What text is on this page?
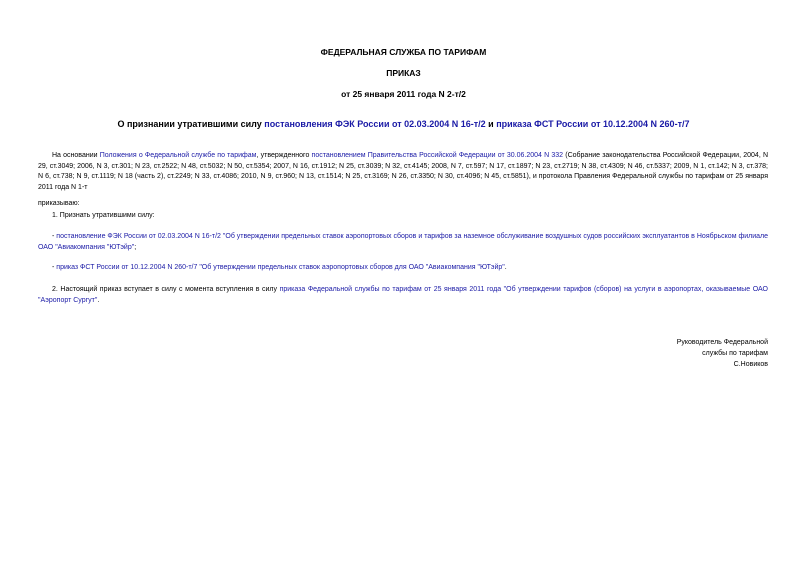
ФЕДЕРАЛЬНАЯ СЛУЖБА ПО ТАРИФАМ
ПРИКАЗ
от 25 января 2011 года N 2-т/2
О признании утратившими силу постановления ФЭК России от 02.03.2004 N 16-т/2 и приказа ФСТ России от 10.12.2004 N 260-т/7
На основании Положения о Федеральной службе по тарифам, утвержденного постановлением Правительства Российской Федерации от 30.06.2004 N 332 (Собрание законодательства Российской Федерации, 2004, N 29, ст.3049; 2006, N 3, ст.301; N 23, ст.2522; N 48, ст.5032; N 50, ст.5354; 2007, N 16, ст.1912; N 25, ст.3039; N 32, ст.4145; 2008, N 7, ст.597; N 17, ст.1897; N 23, ст.2719; N 38, ст.4309; N 46, ст.5337; 2009, N 1, ст.142; N 3, ст.378; N 6, ст.738; N 9, ст.1119; N 18 (часть 2), ст.2249; N 33, ст.4086; 2010, N 9, ст.960; N 13, ст.1514; N 25, ст.3169; N 26, ст.3350; N 30, ст.4096; N 45, ст.5851), и протокола Правления Федеральной службы по тарифам от 25 января 2011 года N 1-т
приказываю:
1. Признать утратившими силу:
- постановление ФЭК России от 02.03.2004 N 16-т/2 "Об утверждении предельных ставок аэропортовых сборов и тарифов за наземное обслуживание воздушных судов российских эксплуатантов в Ноябрьском филиале ОАО "Авиакомпания "ЮТэйр";
- приказ ФСТ России от 10.12.2004 N 260-т/7 "Об утверждении предельных ставок аэропортовых сборов для ОАО "Авиакомпания "ЮТэйр".
2. Настоящий приказ вступает в силу с момента вступления в силу приказа Федеральной службы по тарифам от 25 января 2011 года "Об утверждении тарифов (сборов) на услуги в аэропортах, оказываемые ОАО "Аэропорт Сургут".
Руководитель Федеральной
службы по тарифам
С.Новиков
